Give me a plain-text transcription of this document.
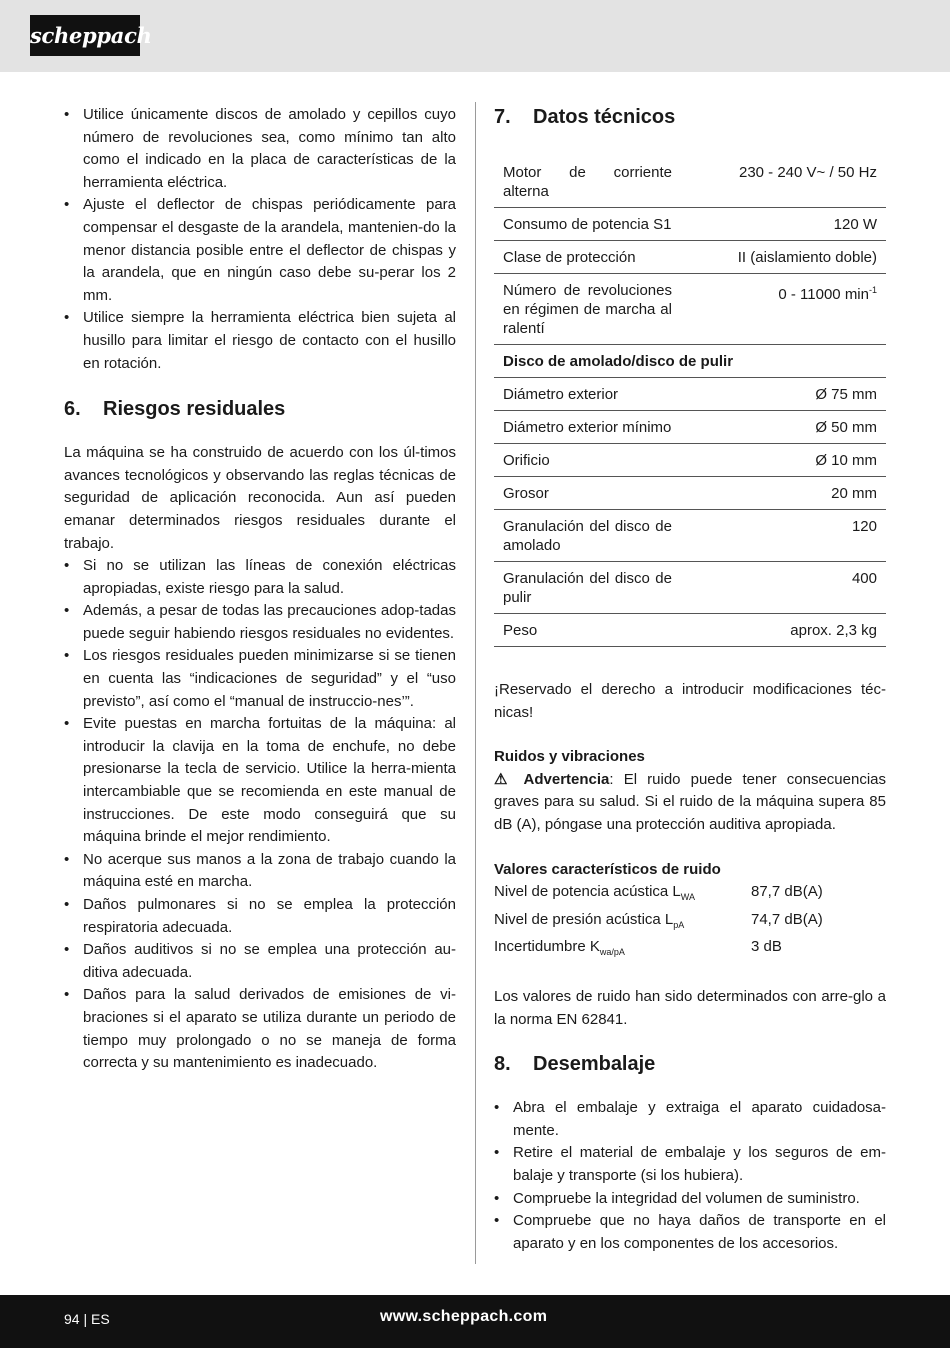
scheppach
• Utilice únicamente discos de amolado y cepillos cuyo número de revoluciones sea, como mínimo tan alto como el indicado en la placa de características de la herramienta eléctrica.
• Ajuste el deflector de chispas periódicamente para compensar el desgaste de la arandela, mantenien-do la menor distancia posible entre el deflector de chispas y la arandela, que en ningún caso debe su-perar los 2 mm.
• Utilice siempre la herramienta eléctrica bien sujeta al husillo para limitar el riesgo de contacto con el husillo en rotación.
6.	Riesgos residuales

La máquina se ha construido de acuerdo con los úl-timos avances tecnológicos y observando las reglas técnicas de seguridad de aplicación reconocida. Aun así pueden emanar determinados riesgos residuales durante el trabajo.

• Si no se utilizan las líneas de conexión eléctricas apropiadas, existe riesgo para la salud.
• Además, a pesar de todas las precauciones adop-tadas puede seguir habiendo riesgos residuales no evidentes.
• Los riesgos residuales pueden minimizarse si se tienen en cuenta las “indicaciones de seguridad” y el “uso previsto”, así como el “manual de instruccio-nes’”.
• Evite puestas en marcha fortuitas de la máquina: al introducir la clavija en la toma de enchufe, no debe presionarse la tecla de servicio. Utilice la herra-mienta intercambiable que se recomienda en este manual de instrucciones. De este modo conseguirá que su máquina brinde el mejor rendimiento.
• No acerque sus manos a la zona de trabajo cuando la máquina esté en marcha.
• Daños pulmonares si no se emplea la protección respiratoria adecuada.
• Daños auditivos si no se emplea una protección au-ditiva adecuada.
• Daños para la salud derivados de emisiones de vi-braciones si el aparato se utiliza durante un periodo de tiempo muy prolongado o no se maneja de forma correcta y su mantenimiento es inadecuado.
7.	Datos técnicos
Motor de corriente alterna	230 - 240 V~ / 50 Hz
Consumo de potencia S1	120 W
Clase de protección	II (aislamiento doble)
Número de revoluciones en régimen de marcha al ralentí	0 - 11000 $\min^{-1}$
Disco de amolado/disco de pulir	
Diámetro exterior	Ø 75 mm
Diámetro exterior mínimo	Ø 50 mm
Orificio	Ø 10 mm
Grosor	20 mm
Granulación del disco de amolado	120
Granulación del disco de pulir	400
Peso	aprox. 2,3 kg

¡Reservado el derecho a introducir modificaciones téc-nicas!

Ruidos y vibraciones

⚠ Advertencia: El ruido puede tener consecuencias graves para su salud. Si el ruido de la máquina supera 85 dB (A), póngase una protección auditiva apropiada.

Valores característicos de ruido

Nivel de potencia acústica $L_{WA}$	87,7 dB(A)
Nivel de presión acústica $L_{pA}$	74,7 dB(A)
Incertidumbre $K_{wa/pA}$	3 dB

Los valores de ruido han sido determinados con arre-glo a la norma EN 62841.

8.	Desembalaje
• Abra el embalaje y extraiga el aparato cuidadosa-mente.
• Retire el material de embalaje y los seguros de em-balaje y transporte (si los hubiera).
• Compruebe la integridad del volumen de suministro.
• Compruebe que no haya daños de transporte en el aparato y en los componentes de los accesorios.
94 | ES	www.scheppach.com
